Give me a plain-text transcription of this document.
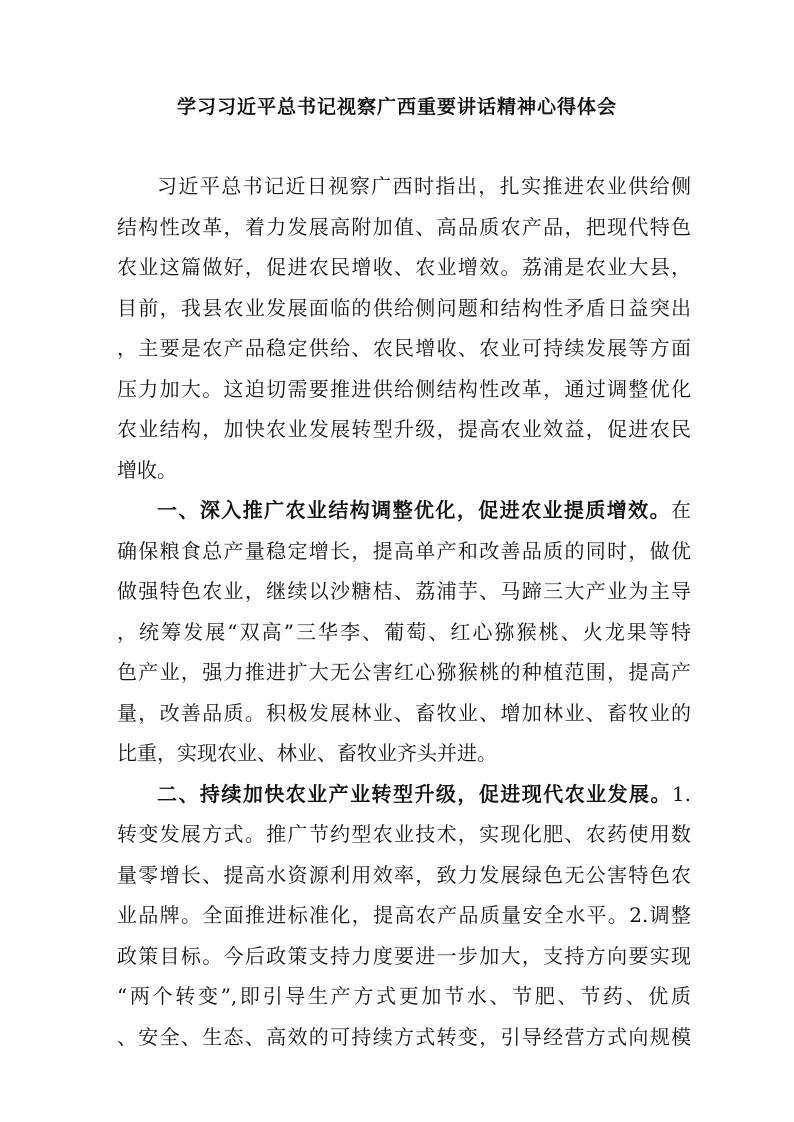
学习习近平总书记视察广西重要讲话精神心得体会
习近平总书记近日视察广西时指出，扎实推进农业供给侧
结构性改革，着力发展高附加值、高品质农产品，把现代特色
农业这篇做好，促进农民增收、农业增效。荔浦是农业大县，
目前，我县农业发展面临的供给侧问题和结构性矛盾日益突出
，主要是农产品稳定供给、农民增收、农业可持续发展等方面
压力加大。这迫切需要推进供给侧结构性改革，通过调整优化
农业结构，加快农业发展转型升级，提高农业效益，促进农民
增收。
一、深入推广农业结构调整优化，促进农业提质增效。在
确保粮食总产量稳定增长，提高单产和改善品质的同时，做优
做强特色农业，继续以沙糖桔、荔浦芋、马蹄三大产业为主导
，统筹发展“双高”三华李、葡萄、红心猕猴桃、火龙果等特
色产业，强力推进扩大无公害红心猕猴桃的种植范围，提高产
量，改善品质。积极发展林业、畜牧业、增加林业、畜牧业的
比重，实现农业、林业、畜牧业齐头并进。
二、持续加快农业产业转型升级，促进现代农业发展。1.
转变发展方式。推广节约型农业技术，实现化肥、农药使用数
量零增长、提高水资源利用效率，致力发展绿色无公害特色农
业品牌。全面推进标准化，提高农产品质量安全水平。2.调整
政策目标。今后政策支持力度要进一步加大，支持方向要实现
“两个转变”,即引导生产方式更加节水、节肥、节药、优质
、安全、生态、高效的可持续方式转变，引导经营方式向规模
